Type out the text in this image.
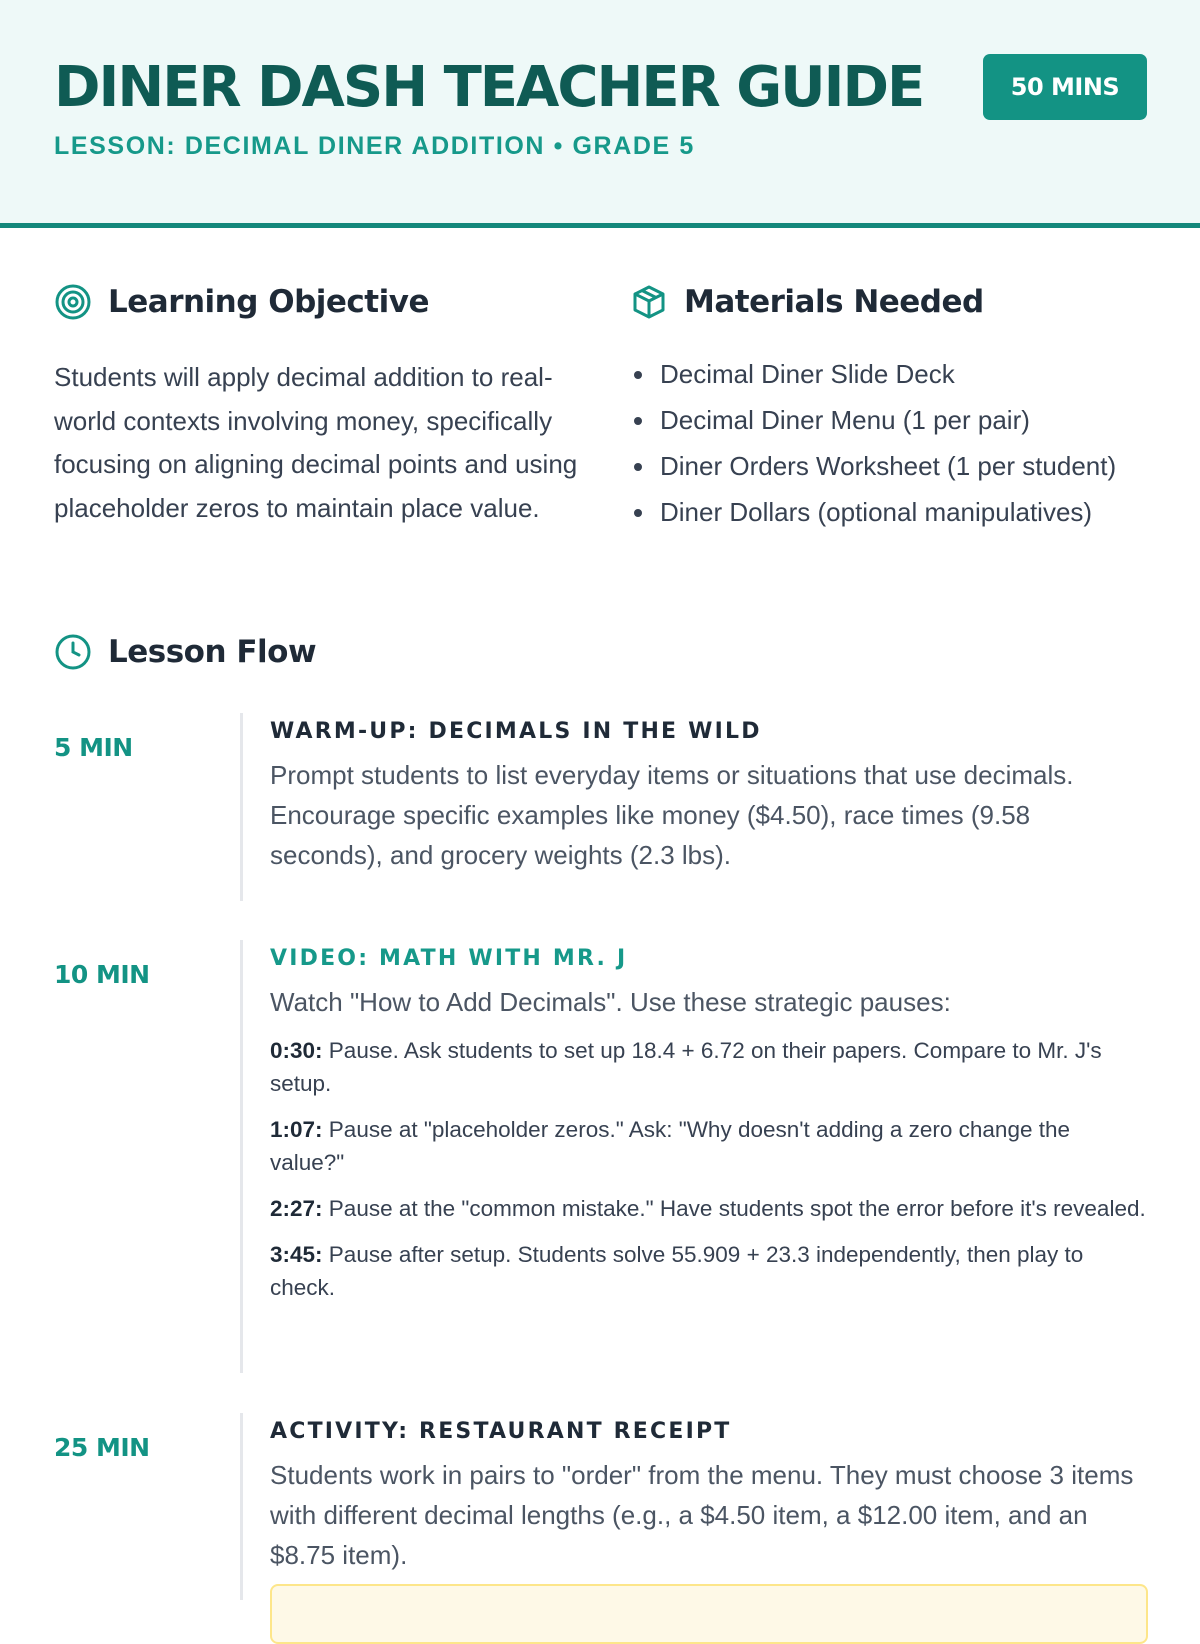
DINER DASH TEACHER GUIDE	50 MINS
LESSON: DECIMAL DINER ADDITION • GRADE 5
Learning Objective

Students will apply decimal addition to real-world contexts involving money, specifically focusing on aligning decimal points and using placeholder zeros to maintain place value.

Materials Needed
Decimal Diner Slide Deck
Decimal Diner Menu (1 per pair)
Diner Orders Worksheet (1 per student)
Diner Dollars (optional manipulatives)
Lesson Flow
5 MIN
WARM-UP: DECIMALS IN THE WILD

Prompt students to list everyday items or situations that use decimals. Encourage specific examples like money ($4.50), race times (9.58 seconds), and grocery weights (2.3 lbs).

10 MIN
VIDEO: MATH WITH MR. J

Watch "How to Add Decimals". Use these strategic pauses:

0:30: Pause. Ask students to set up 18.4 + 6.72 on their papers. Compare to Mr. J's setup.
1:07: Pause at "placeholder zeros." Ask: "Why doesn't adding a zero change the value?"
2:27: Pause at the "common mistake." Have students spot the error before it's revealed.
3:45: Pause after setup. Students solve 55.909 + 23.3 independently, then play to check.
25 MIN
ACTIVITY: RESTAURANT RECEIPT

Students work in pairs to "order" from the menu. They must choose 3 items with different decimal lengths (e.g., a $4.50 item, a $12.00 item, and an $8.75 item).
